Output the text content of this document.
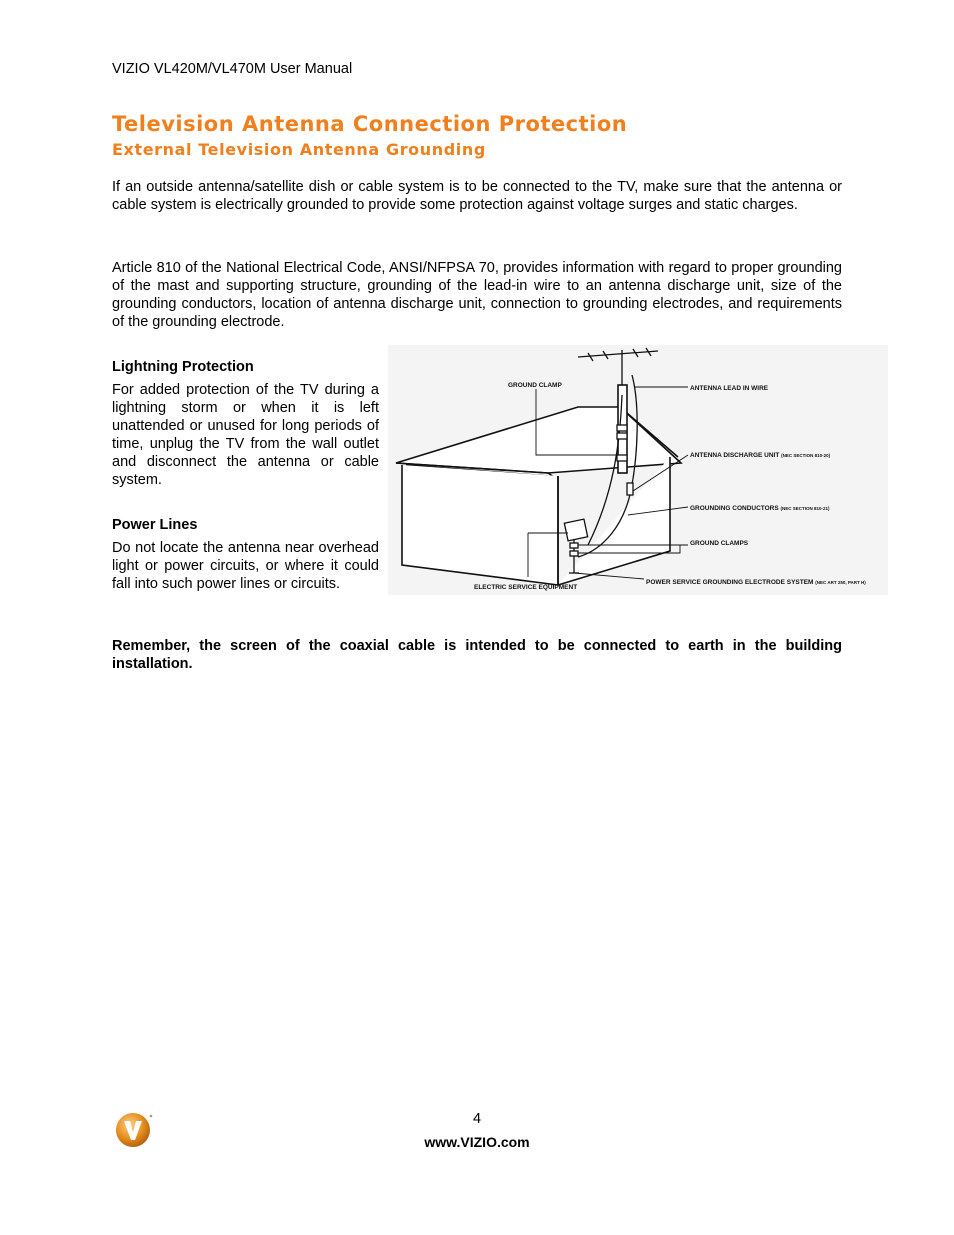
VIZIO VL420M/VL470M User Manual
Television Antenna Connection Protection
External Television Antenna Grounding

If an outside antenna/satellite dish or cable system is to be connected to the TV, make sure that the antenna or cable system is electrically grounded to provide some protection against voltage surges and static charges.

Article 810 of the National Electrical Code, ANSI/NFPSA 70, provides information with regard to proper grounding of the mast and supporting structure, grounding of the lead-in wire to an antenna discharge unit, size of the grounding conductors, location of antenna discharge unit, connection to grounding electrodes, and requirements of the grounding electrode.

Lightning Protection

For added protection of the TV during a lightning storm or when it is left unattended or unused for long periods of time, unplug the TV from the wall outlet and disconnect the antenna or cable system.

Power Lines

Do not locate the antenna near overhead light or power circuits, or where it could fall into such power lines or circuits.

GROUND CLAMP	ANTENNA LEAD IN WIRE
ANTENNA DISCHARGE UNIT (NEC SECTION 810-20)
GROUNDING CONDUCTORS (NEC SECTION 810-21)
GROUND CLAMPS
ELECTRIC SERVICE EQUIPMENT
POWER SERVICE GROUNDING ELECTRODE SYSTEM (NEC ART 250, PART H)

Remember, the screen of the coaxial cable is intended to be connected to earth in the building installation.

4
www.VIZIO.com
